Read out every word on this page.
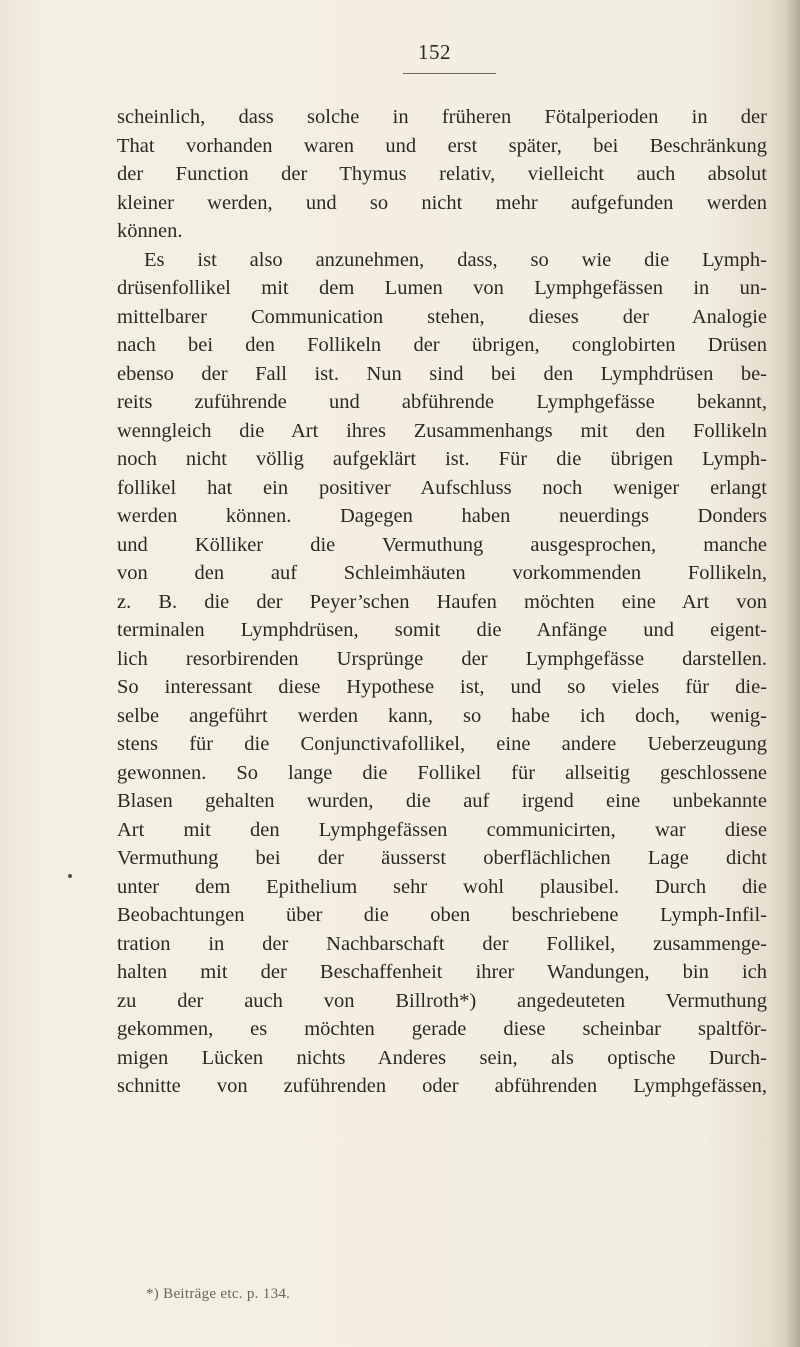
152
scheinlich, dass solche in früheren Fötalperioden in der
That vorhanden waren und erst später, bei Beschränkung
der Function der Thymus relativ, vielleicht auch absolut
kleiner werden, und so nicht mehr aufgefunden werden
können.
Es ist also anzunehmen, dass, so wie die Lymph-
drüsenfollikel mit dem Lumen von Lymphgefässen in un-
mittelbarer Communication stehen, dieses der Analogie
nach bei den Follikeln der übrigen, conglobirten Drüsen
ebenso der Fall ist. Nun sind bei den Lymphdrüsen be-
reits zuführende und abführende Lymphgefässe bekannt,
wenngleich die Art ihres Zusammenhangs mit den Follikeln
noch nicht völlig aufgeklärt ist. Für die übrigen Lymph-
follikel hat ein positiver Aufschluss noch weniger erlangt
werden können. Dagegen haben neuerdings Donders
und Kölliker die Vermuthung ausgesprochen, manche
von den auf Schleimhäuten vorkommenden Follikeln,
z. B. die der Peyer’schen Haufen möchten eine Art von
terminalen Lymphdrüsen, somit die Anfänge und eigent-
lich resorbirenden Ursprünge der Lymphgefässe darstellen.
So interessant diese Hypothese ist, und so vieles für die-
selbe angeführt werden kann, so habe ich doch, wenig-
stens für die Conjunctivafollikel, eine andere Ueberzeugung
gewonnen. So lange die Follikel für allseitig geschlossene
Blasen gehalten wurden, die auf irgend eine unbekannte
Art mit den Lymphgefässen communicirten, war diese
Vermuthung bei der äusserst oberflächlichen Lage dicht
unter dem Epithelium sehr wohl plausibel. Durch die
Beobachtungen über die oben beschriebene Lymph-Infil-
tration in der Nachbarschaft der Follikel, zusammenge-
halten mit der Beschaffenheit ihrer Wandungen, bin ich
zu der auch von Billroth*) angedeuteten Vermuthung
gekommen, es möchten gerade diese scheinbar spaltför-
migen Lücken nichts Anderes sein, als optische Durch-
schnitte von zuführenden oder abführenden Lymphgefässen,
*) Beiträge etc. p. 134.
